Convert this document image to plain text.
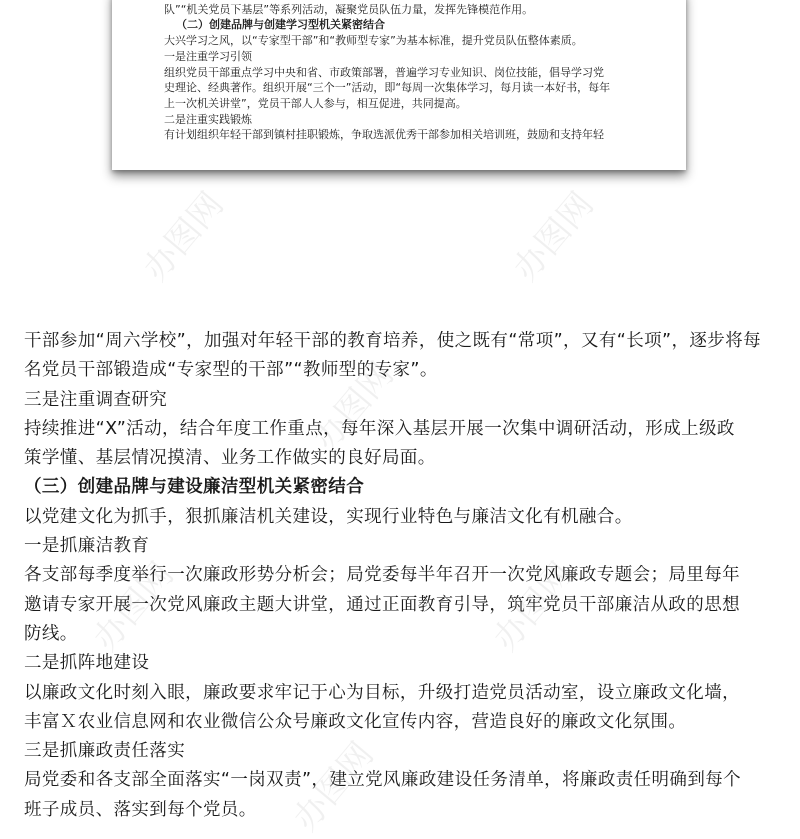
队”“机关党员下基层”等系列活动，凝聚党员队伍力量，发挥先锋模范作用。
（二）创建品牌与创建学习型机关紧密结合
大兴学习之风，以“专家型干部”和“教师型专家”为基本标准，提升党员队伍整体素质。
一是注重学习引领
组织党员干部重点学习中央和省、市政策部署，普遍学习专业知识、岗位技能，倡导学习党
史理论、经典著作。组织开展“三个一”活动，即“每周一次集体学习，每月读一本好书，每年
上一次机关讲堂”，党员干部人人参与，相互促进，共同提高。
二是注重实践锻炼
有计划组织年轻干部到镇村挂职锻炼，争取选派优秀干部参加相关培训班，鼓励和支持年轻
办图网	办图网
办图网
办图网	办图网
办图网
干部参加“周六学校”，加强对年轻干部的教育培养，使之既有“常项”，又有“长项”，逐步将每
名党员干部锻造成“专家型的干部”“教师型的专家”。
三是注重调查研究
持续推进“X”活动，结合年度工作重点，每年深入基层开展一次集中调研活动，形成上级政
策学懂、基层情况摸清、业务工作做实的良好局面。
（三）创建品牌与建设廉洁型机关紧密结合
以党建文化为抓手，狠抓廉洁机关建设，实现行业特色与廉洁文化有机融合。
一是抓廉洁教育
各支部每季度举行一次廉政形势分析会；局党委每半年召开一次党风廉政专题会；局里每年
邀请专家开展一次党风廉政主题大讲堂，通过正面教育引导，筑牢党员干部廉洁从政的思想
防线。
二是抓阵地建设
以廉政文化时刻入眼，廉政要求牢记于心为目标，升级打造党员活动室，设立廉政文化墙，
丰富Ｘ农业信息网和农业微信公众号廉政文化宣传内容，营造良好的廉政文化氛围。
三是抓廉政责任落实
局党委和各支部全面落实“一岗双责”，建立党风廉政建设任务清单，将廉政责任明确到每个
班子成员、落实到每个党员。
